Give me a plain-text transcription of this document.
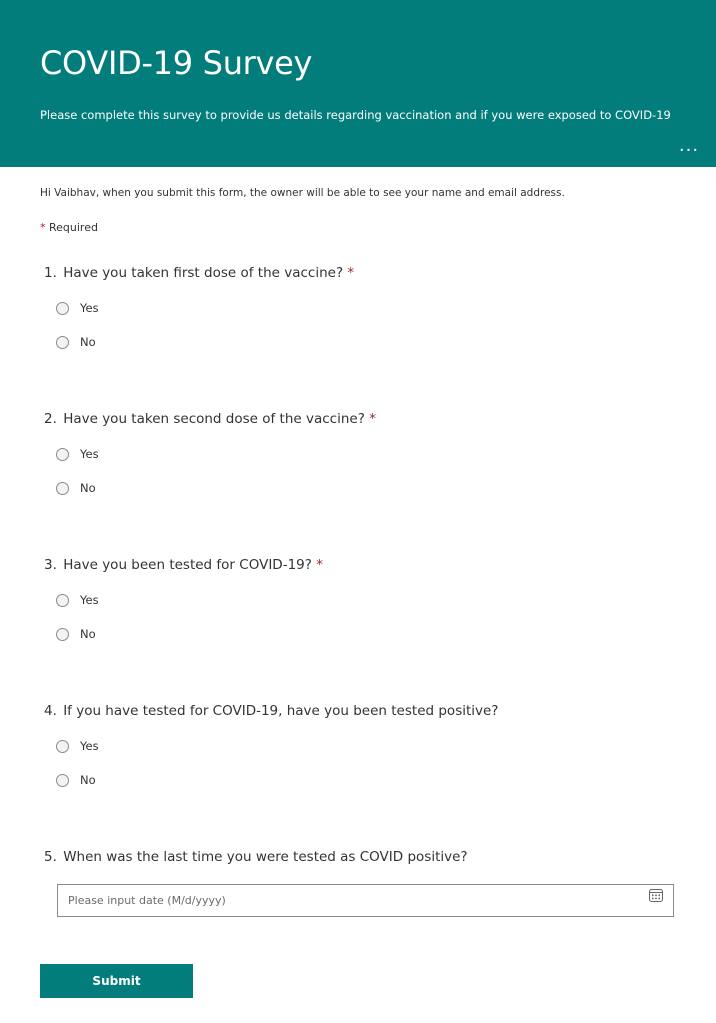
COVID-19 Survey
Please complete this survey to provide us details regarding vaccination and if you were exposed to COVID-19
···
Hi Vaibhav, when you submit this form, the owner will be able to see your name and email address.
* Required
1. Have you taken first dose of the vaccine? *
Yes
No
2. Have you taken second dose of the vaccine? *
Yes
No
3. Have you been tested for COVID-19? *
Yes
No
4. If you have tested for COVID-19, have you been tested positive?
Yes
No
5. When was the last time you were tested as COVID positive?
Please input date (M/d/yyyy)
Submit
